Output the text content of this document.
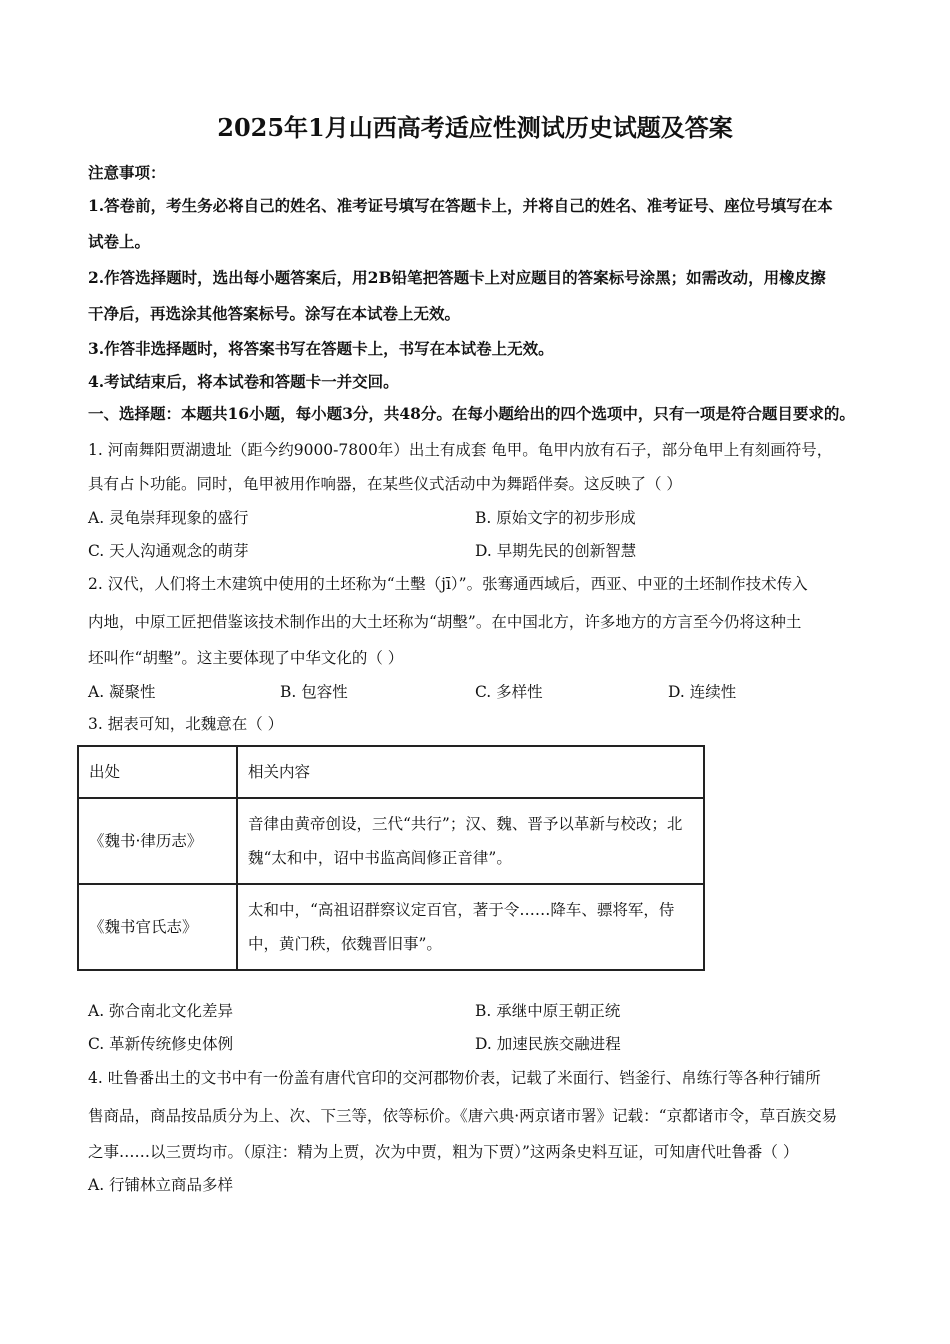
2025年1月山西高考适应性测试历史试题及答案
注意事项：
1.答卷前，考生务必将自己的姓名、准考证号填写在答题卡上，并将自己的姓名、准考证号、座位号填写在本
试卷上。
2.作答选择题时，选出每小题答案后，用2B铅笔把答题卡上对应题目的答案标号涂黑；如需改动，用橡皮擦
干净后，再选涂其他答案标号。涂写在本试卷上无效。
3.作答非选择题时，将答案书写在答题卡上，书写在本试卷上无效。
4.考试结束后，将本试卷和答题卡一并交回。
一、选择题：本题共16小题，每小题3分，共48分。在每小题给出的四个选项中，只有一项是符合题目要求的。
1. 河南舞阳贾湖遗址（距今约9000-7800年）出土有成套 龟甲。龟甲内放有石子，部分龟甲上有刻画符号，
具有占卜功能。同时，龟甲被用作响器，在某些仪式活动中为舞蹈伴奏。这反映了（ ）
A. 灵龟崇拜现象的盛行	B. 原始文字的初步形成
C. 天人沟通观念的萌芽	D. 早期先民的创新智慧
2. 汉代，人们将土木建筑中使用的土坯称为“土墼（jī）”。张骞通西域后，西亚、中亚的土坯制作技术传入
内地，中原工匠把借鉴该技术制作出的大土坯称为“胡墼”。在中国北方，许多地方的方言至今仍将这种土
坯叫作“胡墼”。这主要体现了中华文化的（ ）
A. 凝聚性	B. 包容性	C. 多样性	D. 连续性
3. 据表可知，北魏意在（ ）
出处	相关内容
《魏书·律历志》	音律由黄帝创设，三代“共行”；汉、魏、晋予以革新与校改；北魏“太和中，诏中书监高闾修正音律”。
《魏书官氏志》	太和中，“高祖诏群察议定百官，著于令……降车、骠将军，侍中，黄门秩，依魏晋旧事”。
A. 弥合南北文化差异	B. 承继中原王朝正统
C. 革新传统修史体例	D. 加速民族交融进程
4. 吐鲁番出土的文书中有一份盖有唐代官印的交河郡物价表，记载了米面行、铛釜行、帛练行等各种行铺所
售商品，商品按品质分为上、次、下三等，依等标价。《唐六典·两京诸市署》记载：“京都诸市令，草百族交易
之事……以三贾均市。（原注：精为上贾，次为中贾，粗为下贾）”这两条史料互证，可知唐代吐鲁番（ ）
A. 行铺林立商品多样
